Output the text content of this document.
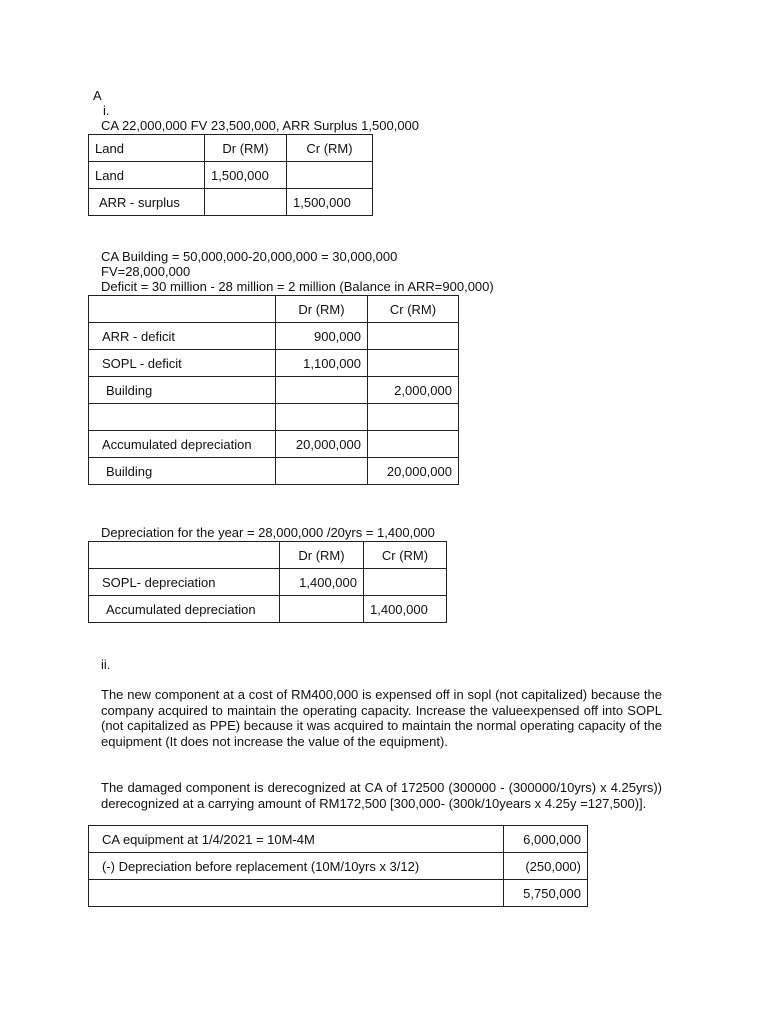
A
i.
CA 22,000,000 FV 23,500,000, ARR Surplus 1,500,000
Land	Dr (RM)	Cr (RM)
Land	1,500,000	
ARR - surplus		1,500,000
CA Building = 50,000,000-20,000,000 = 30,000,000
FV=28,000,000
Deficit = 30 million - 28 million = 2 million (Balance in ARR=900,000)
	Dr (RM)	Cr (RM)
ARR - deficit	900,000	
SOPL - deficit	1,100,000	
Building		2,000,000

Accumulated depreciation	20,000,000	
Building		20,000,000
Depreciation for the year = 28,000,000 /20yrs = 1,400,000
	Dr (RM)	Cr (RM)
SOPL- depreciation	1,400,000	
Accumulated depreciation		1,400,000
ii.
The new component at a cost of RM400,000 is expensed off in sopl (not capitalized) because the company acquired to maintain the operating capacity. Increase the valueexpensed off into SOPL (not capitalized as PPE) because it was acquired to maintain the normal operating capacity of the equipment (It does not increase the value of the equipment).
The damaged component is derecognized at CA of 172500 (300000 - (300000/10yrs) x 4.25yrs)) derecognized at a carrying amount of RM172,500 [300,000- (300k/10years x 4.25y =127,500)].
CA equipment at 1/4/2021 = 10M-4M	6,000,000
(-) Depreciation before replacement (10M/10yrs x 3/12)	(250,000)
	5,750,000
